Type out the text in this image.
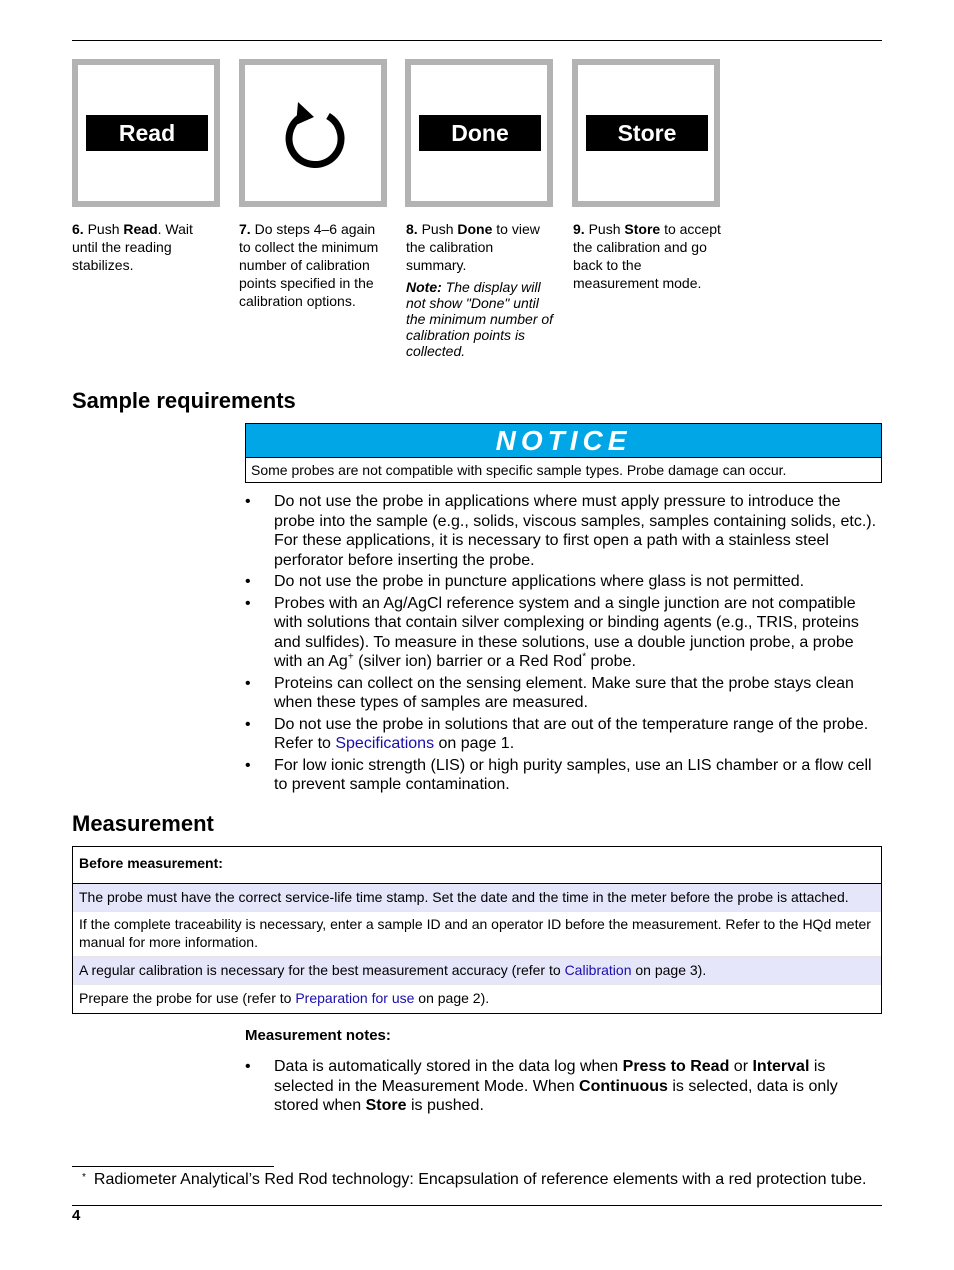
Read	Done	Store
6. Push Read. Wait until the reading stabilizes.
7. Do steps 4–6 again to collect the minimum number of calibration points specified in the calibration options.
8. Push Done to view the calibration summary.
Note: The display will not show "Done" until the minimum number of calibration points is collected.
9. Push Store to accept the calibration and go back to the measurement mode.
Sample requirements
NOTICE
Some probes are not compatible with specific sample types. Probe damage can occur.
• Do not use the probe in applications where must apply pressure to introduce the probe into the sample (e.g., solids, viscous samples, samples containing solids, etc.). For these applications, it is necessary to first open a path with a stainless steel perforator before inserting the probe.
• Do not use the probe in puncture applications where glass is not permitted.
• Probes with an Ag/AgCl reference system and a single junction are not compatible with solutions that contain silver complexing or binding agents (e.g., TRIS, proteins and sulfides). To measure in these solutions, use a double junction probe, a probe with an Ag+ (silver ion) barrier or a Red Rod* probe.
• Proteins can collect on the sensing element. Make sure that the probe stays clean when these types of samples are measured.
• Do not use the probe in solutions that are out of the temperature range of the probe. Refer to Specifications on page 1.
• For low ionic strength (LIS) or high purity samples, use an LIS chamber or a flow cell to prevent sample contamination.
Measurement
Before measurement:
The probe must have the correct service-life time stamp. Set the date and the time in the meter before the probe is attached.
If the complete traceability is necessary, enter a sample ID and an operator ID before the measurement. Refer to the HQd meter manual for more information.
A regular calibration is necessary for the best measurement accuracy (refer to Calibration on page 3).
Prepare the probe for use (refer to Preparation for use on page 2).
Measurement notes:
• Data is automatically stored in the data log when Press to Read or Interval is selected in the Measurement Mode. When Continuous is selected, data is only stored when Store is pushed.
* Radiometer Analytical’s Red Rod technology: Encapsulation of reference elements with a red protection tube.
4
